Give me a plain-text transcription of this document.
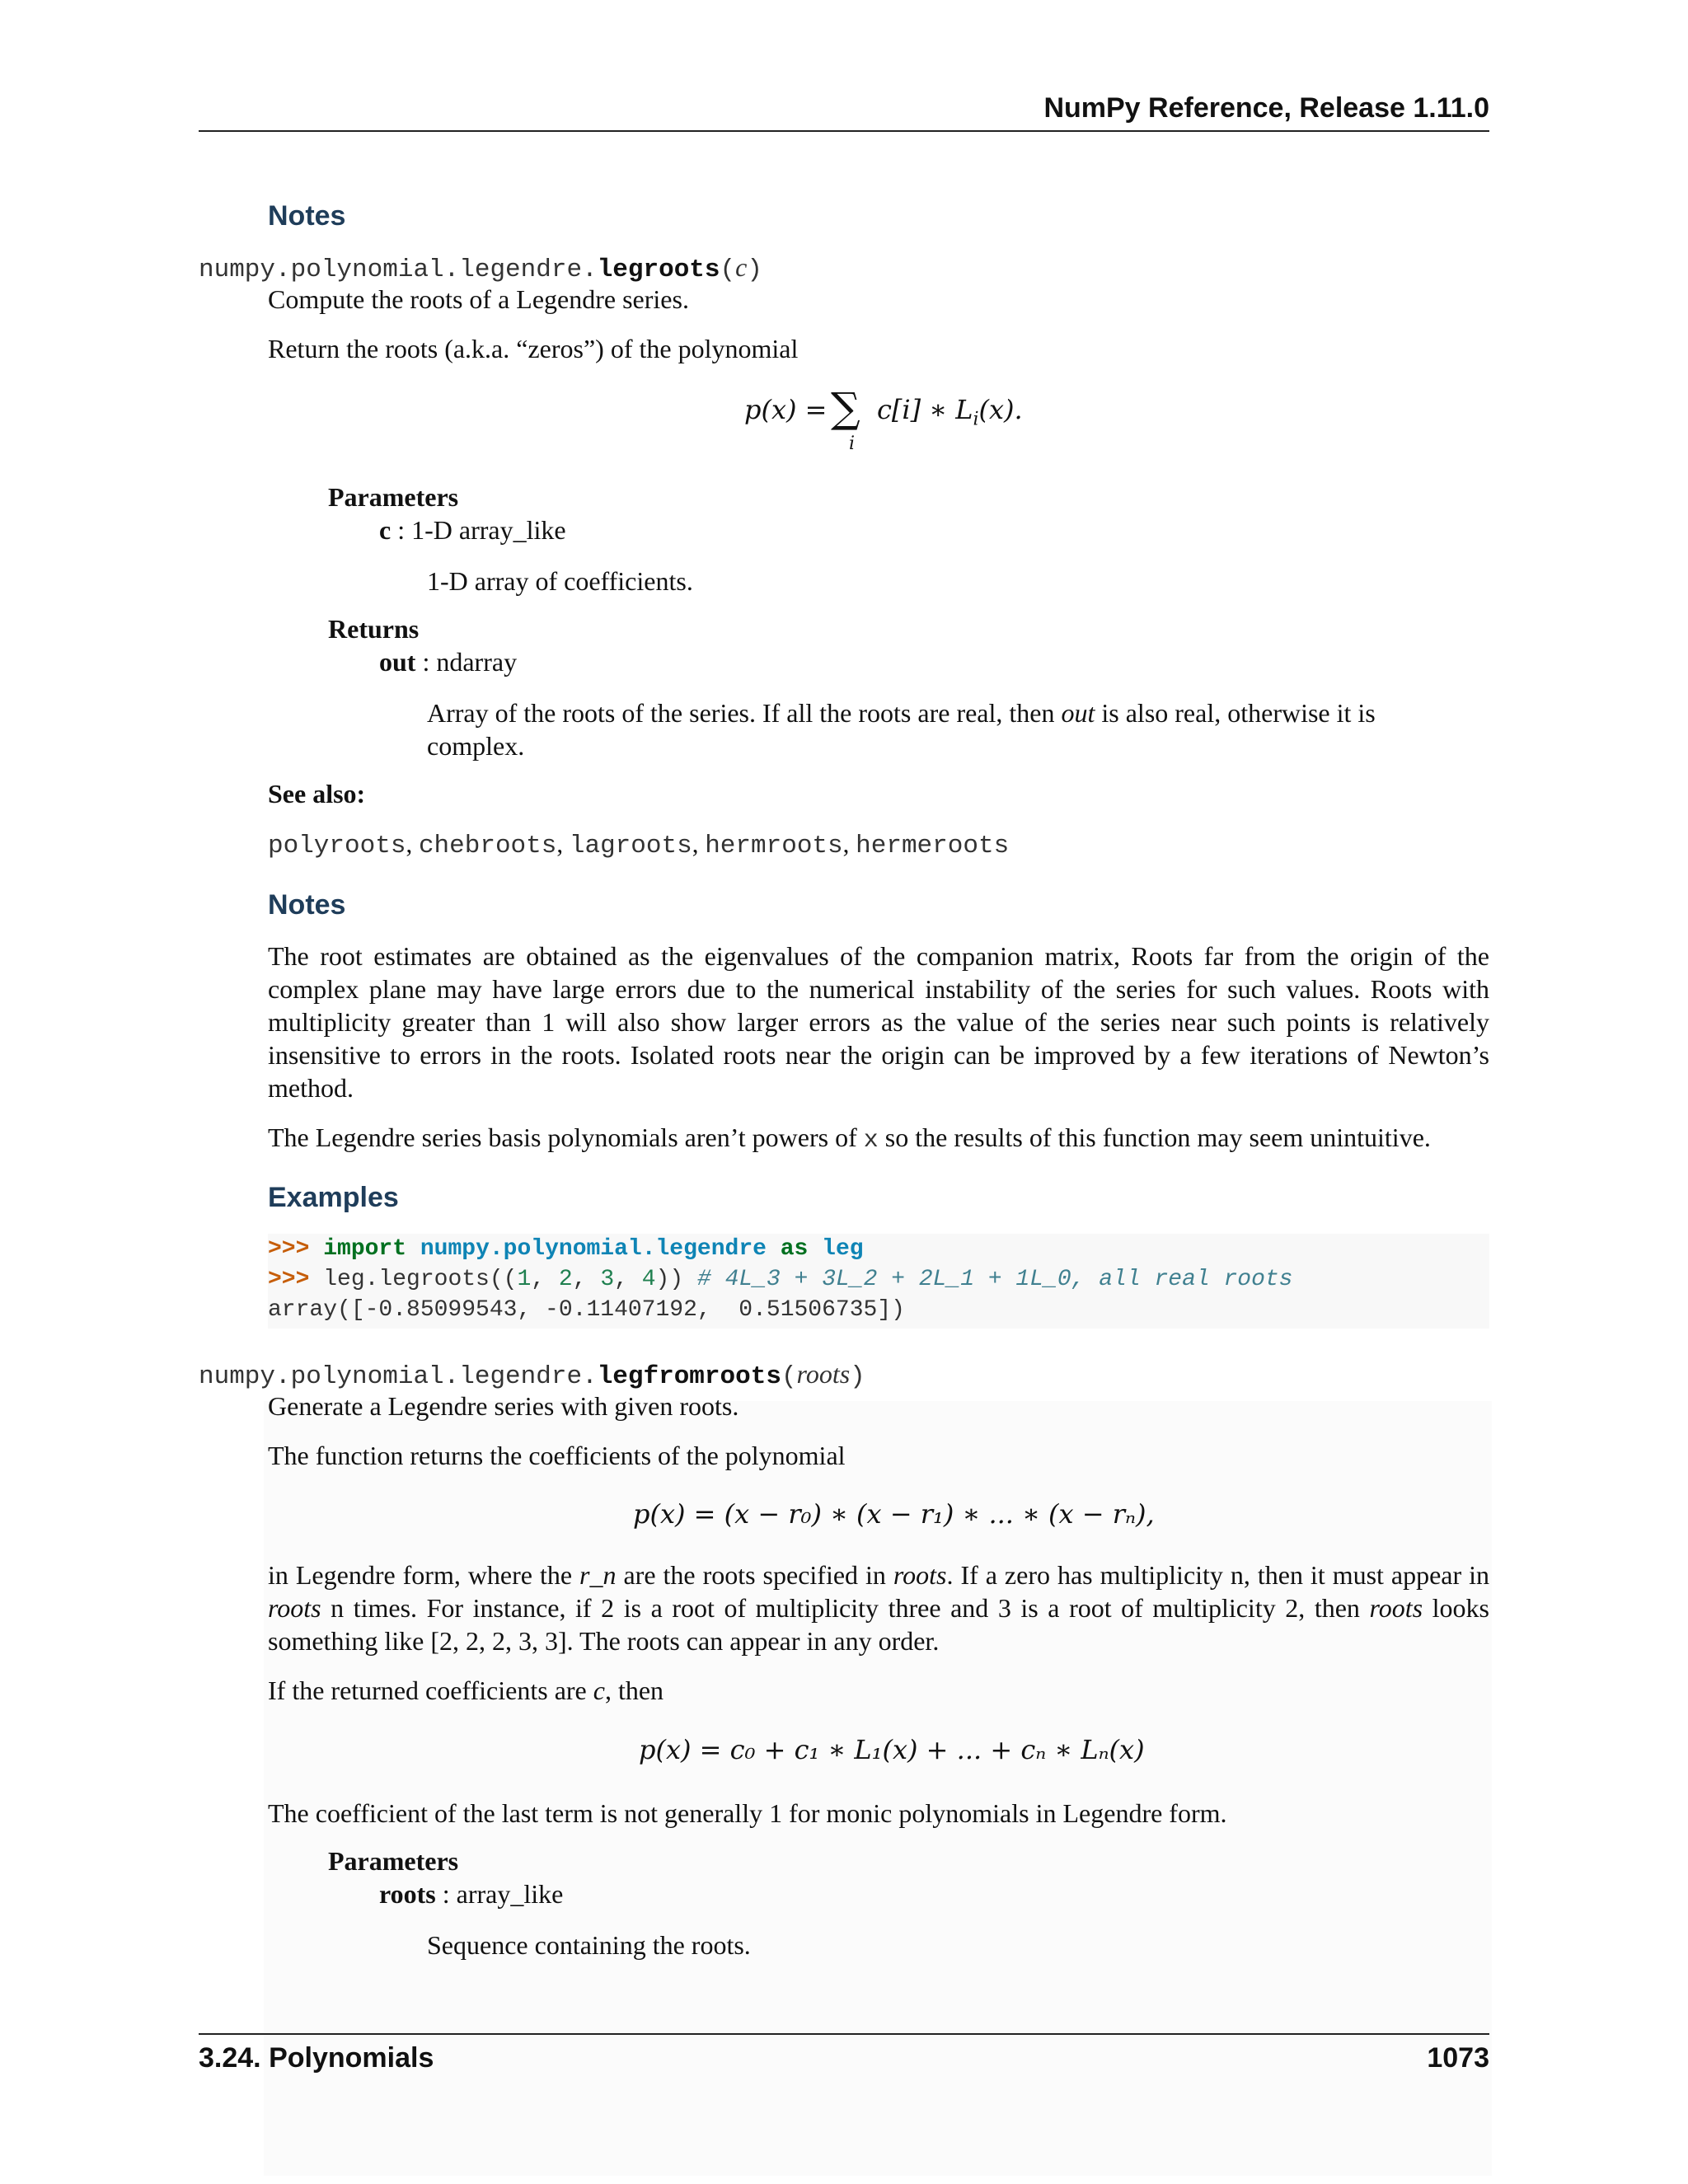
NumPy Reference, Release 1.11.0
Notes
numpy.polynomial.legendre.legroots(c)
Compute the roots of a Legendre series.
Return the roots (a.k.a. “zeros”) of the polynomial
p(x) = ∑
i
c[i] ∗ $L_i(x)$.
Parameters
c : 1-D array_like
1-D array of coefficients.
Returns
out : ndarray
Array of the roots of the series. If all the roots are real, then out is also real, otherwise it is complex.
See also:
polyroots, chebroots, lagroots, hermroots, hermeroots
Notes
The root estimates are obtained as the eigenvalues of the companion matrix, Roots far from the origin of the complex plane may have large errors due to the numerical instability of the series for such values. Roots with multiplicity greater than 1 will also show larger errors as the value of the series near such points is relatively insensitive to errors in the roots. Isolated roots near the origin can be improved by a few iterations of Newton’s method.
The Legendre series basis polynomials aren’t powers of x so the results of this function may seem unintuitive.
Examples
>>> import numpy.polynomial.legendre as leg
>>> leg.legroots((1, 2, 3, 4)) # 4L_3 + 3L_2 + 2L_1 + 1L_0, all real roots
array([-0.85099543, -0.11407192,  0.51506735])
numpy.polynomial.legendre.legfromroots(roots)
Generate a Legendre series with given roots.
The function returns the coefficients of the polynomial
p(x) = (x − r₀) ∗ (x − r₁) ∗ ... ∗ (x − rₙ),
in Legendre form, where the r_n are the roots specified in roots. If a zero has multiplicity n, then it must appear in roots n times. For instance, if 2 is a root of multiplicity three and 3 is a root of multiplicity 2, then roots looks something like [2, 2, 2, 3, 3]. The roots can appear in any order.
If the returned coefficients are c, then
p(x) = c₀ + c₁ ∗ L₁(x) + ... + cₙ ∗ Lₙ(x)
The coefficient of the last term is not generally 1 for monic polynomials in Legendre form.
Parameters
roots : array_like
Sequence containing the roots.
3.24. Polynomials	1073
